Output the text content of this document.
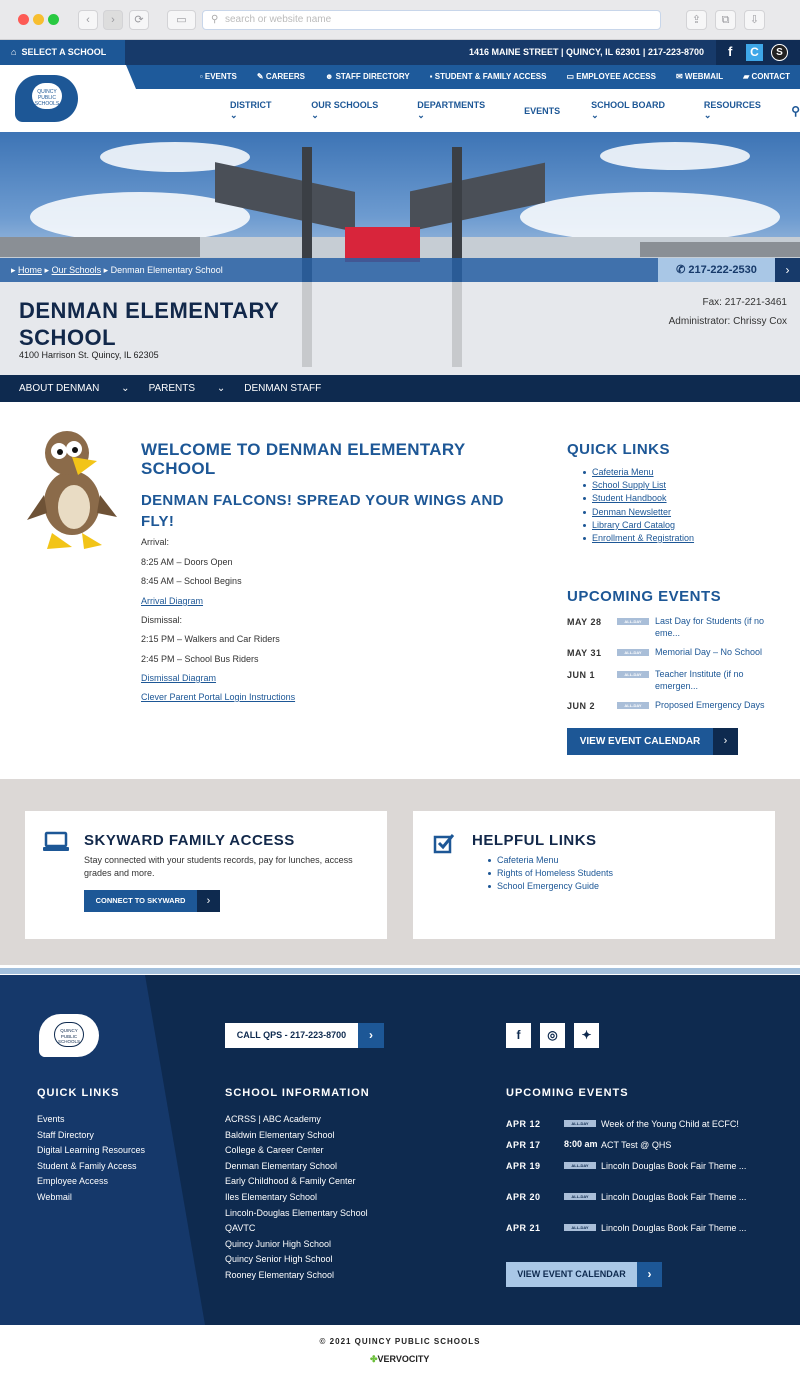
‹	›	⟳	▭	⚲ search or website name	⇪	⧉	⇩
⌂ SELECT A SCHOOL	1416 MAINE STREET | QUINCY, IL 62301 | 217-223-8700 f	C	S
▫ EVENTS	✎ CAREERS	☻ STAFF DIRECTORY	▪ STUDENT & FAMILY ACCESS	▭ EMPLOYEE ACCESS	✉ WEBMAIL	▰ CONTACT
QUINCY PUBLIC SCHOOLS	DISTRICT ⌄
OUR SCHOOLS ⌄
DEPARTMENTS ⌄	EVENTS
SCHOOL BOARD ⌄
RESOURCES ⌄	⚲
▸ Home ▸ Our Schools ▸ Denman Elementary School	✆ 217-222-2530	›
DENMAN ELEMENTARY SCHOOL
4100 Harrison St. Quincy, IL 62305
Fax: 217-221-3461
Administrator: Chrissy Cox
ABOUT DENMAN ⌄ PARENTS ⌄ DENMAN STAFF
WELCOME TO DENMAN ELEMENTARY SCHOOL
DENMAN FALCONS! SPREAD YOUR WINGS AND FLY!

Arrival:

8:25 AM – Doors Open

8:45 AM – School Begins

Arrival Diagram

Dismissal:

2:15 PM – Walkers and Car Riders

2:45 PM – School Bus Riders

Dismissal Diagram

Clever Parent Portal Login Instructions

QUICK LINKS
Cafeteria Menu
School Supply List
Student Handbook
Denman Newsletter
Library Card Catalog
Enrollment & Registration
UPCOMING EVENTS
MAY 28	ALL-DAY	Last Day for Students (if no eme...
MAY 31	ALL-DAY	Memorial Day – No School
JUN 1	ALL-DAY	Teacher Institute (if no emergen...
JUN 2	ALL-DAY	Proposed Emergency Days
VIEW EVENT CALENDAR	›
SKYWARD FAMILY ACCESS
Stay connected with your students records, pay for lunches, access grades and more.
CONNECT TO SKYWARD	›
HELPFUL LINKS
Cafeteria Menu
Rights of Homeless Students
School Emergency Guide
QUINCY PUBLIC SCHOOLS
CALL QPS - 217-223-8700	›	f	◎	✦
QUICK LINKS
Events
Staff Directory
Digital Learning Resources
Student & Family Access
Employee Access
Webmail
SCHOOL INFORMATION
ACRSS | ABC Academy
Baldwin Elementary School
College & Career Center
Denman Elementary School
Early Childhood & Family Center
Iles Elementary School
Lincoln-Douglas Elementary School
QAVTC
Quincy Junior High School
Quincy Senior High School
Rooney Elementary School
UPCOMING EVENTS
APR 12	ALL-DAY	Week of the Young Child at ECFC!
APR 17	8:00 am ACT Test @ QHS
APR 19	ALL-DAY	Lincoln Douglas Book Fair Theme ...
APR 20	ALL-DAY	Lincoln Douglas Book Fair Theme ...
APR 21	ALL-DAY	Lincoln Douglas Book Fair Theme ...
VIEW EVENT CALENDAR	›
© 2021 QUINCY PUBLIC SCHOOLS
✤VERVOCITY
